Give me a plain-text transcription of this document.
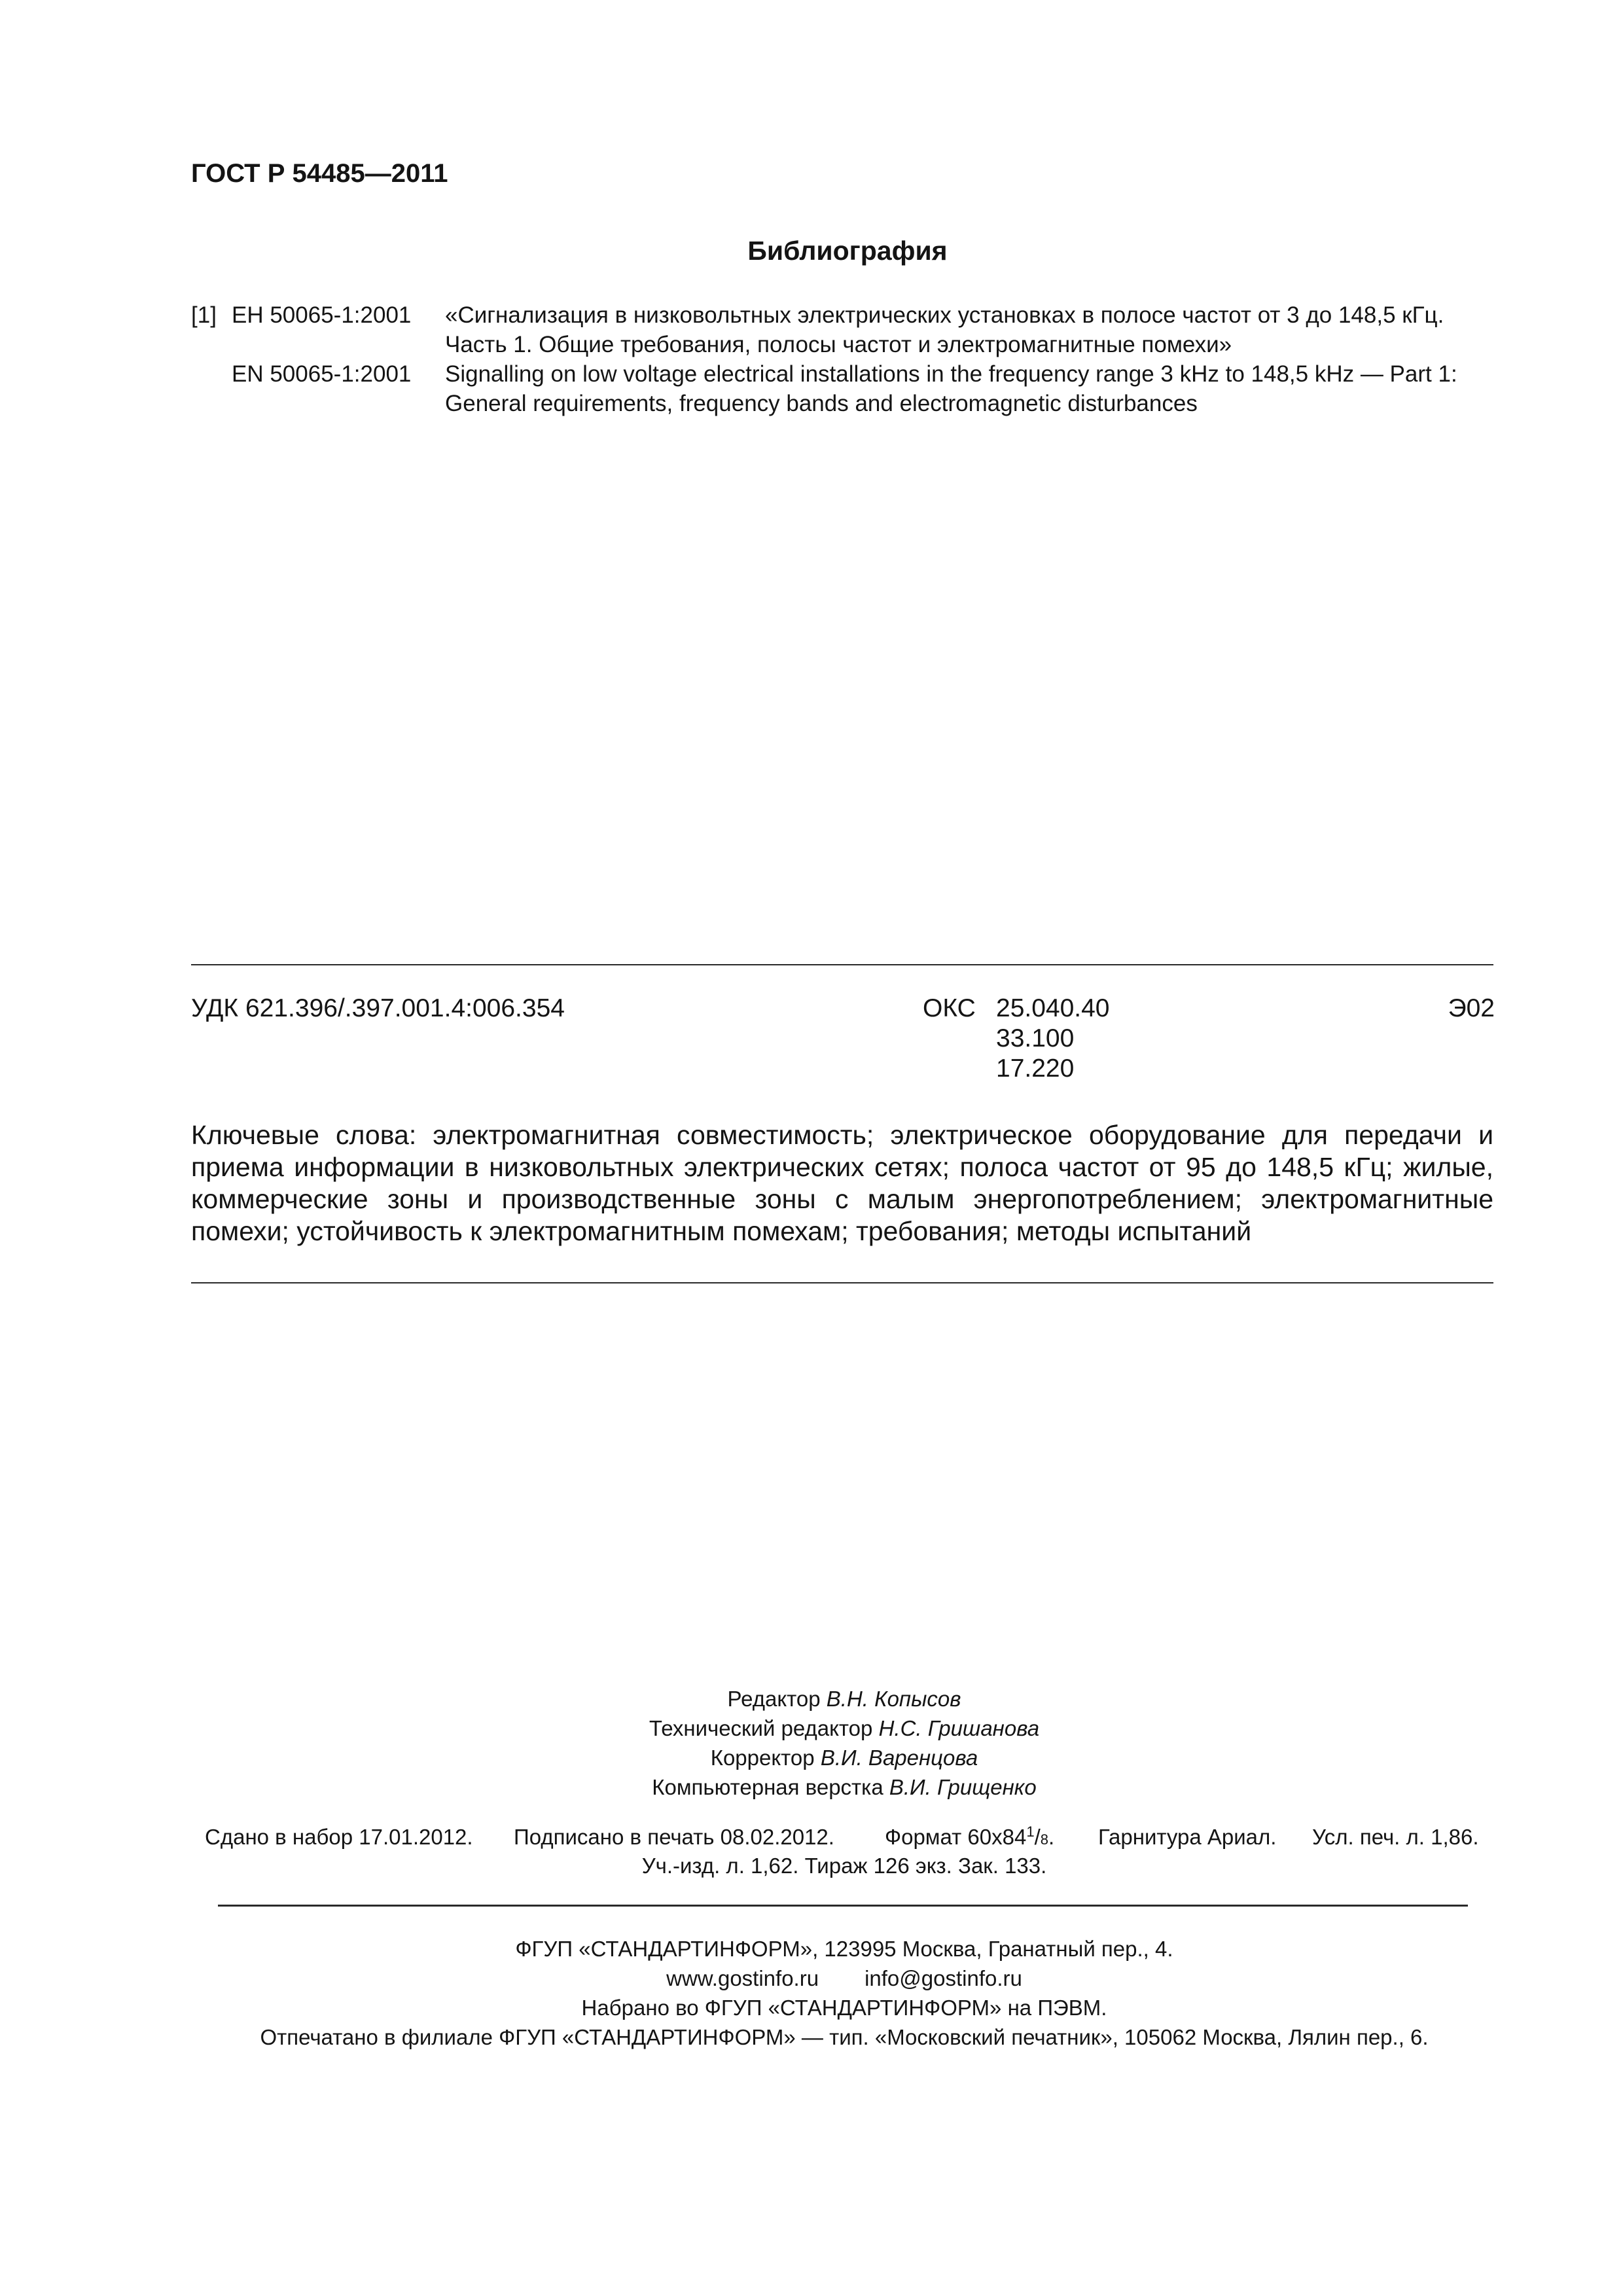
ГОСТ Р 54485—2011
Библиография
[1] ЕН 50065-1:2001 «Сигнализация в низковольтных электрических установках в полосе частот от 3 до 148,5 кГц.
Часть 1. Общие требования, полосы частот и электромагнитные помехи»
EN 50065-1:2001 Signalling on low voltage electrical installations in the frequency range 3 kHz to 148,5 kHz — Part 1:
General requirements, frequency bands and electromagnetic disturbances
УДК 621.396/.397.001.4:006.354	ОКС 25.040.40
33.100
17.220
Э02

Ключевые слова: электромагнитная совместимость; электрическое оборудование для передачи и приема информации в низковольтных электрических сетях; полоса частот от 95 до 148,5 кГц; жилые, коммерческие зоны и производственные зоны с малым энергопотреблением; электромагнитные помехи; устойчивость к электромагнитным помехам; требования; методы испытаний

Редактор В.Н. Копысов
Технический редактор Н.С. Гришанова
Корректор В.И. Варенцова
Компьютерная верстка В.И. Грищенко
Сдано в набор 17.01.2012. Подписано в печать 08.02.2012. Формат $60х84^1/8$. Гарнитура Ариал. Усл. печ. л. 1,86.
Уч.-изд. л. 1,62. Тираж 126 экз. Зак. 133.
ФГУП «СТАНДАРТИНФОРМ», 123995 Москва, Гранатный пер., 4.
www.gostinfo.ru info@gostinfo.ru
Набрано во ФГУП «СТАНДАРТИНФОРМ» на ПЭВМ.
Отпечатано в филиале ФГУП «СТАНДАРТИНФОРМ» — тип. «Московский печатник», 105062 Москва, Лялин пер., 6.
